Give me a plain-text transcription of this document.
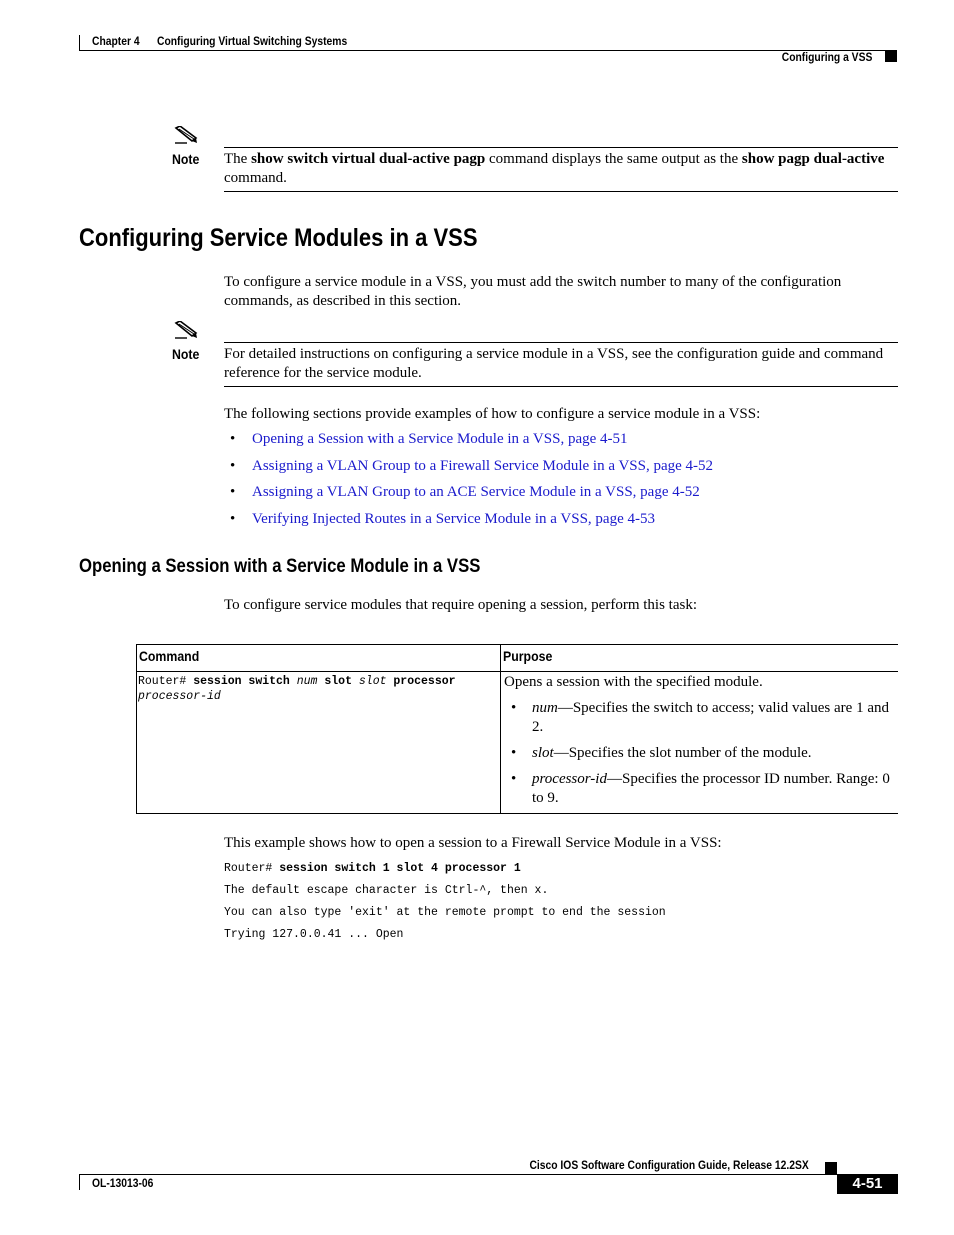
Chapter 4 Configuring Virtual Switching Systems
Configuring a VSS
Note The show switch virtual dual-active pagp command displays the same output as the show pagp dual-active command.
Configuring Service Modules in a VSS
To configure a service module in a VSS, you must add the switch number to many of the configuration commands, as described in this section.
Note For detailed instructions on configuring a service module in a VSS, see the configuration guide and command reference for the service module.
The following sections provide examples of how to configure a service module in a VSS:
• Opening a Session with a Service Module in a VSS, page 4-51
• Assigning a VLAN Group to a Firewall Service Module in a VSS, page 4-52
• Assigning a VLAN Group to an ACE Service Module in a VSS, page 4-52
• Verifying Injected Routes in a Service Module in a VSS, page 4-53
Opening a Session with a Service Module in a VSS
To configure service modules that require opening a session, perform this task:
Command	Purpose
Router# session switch num slot slot processor processor-id
Opens a session with the specified module.
• num—Specifies the switch to access; valid values are 1 and 2.
• slot—Specifies the slot number of the module.
• processor-id—Specifies the processor ID number. Range: 0 to 9.
This example shows how to open a session to a Firewall Service Module in a VSS:
Router# session switch 1 slot 4 processor 1
The default escape character is Ctrl-^, then x.
You can also type 'exit' at the remote prompt to end the session
Trying 127.0.0.41 ... Open
Cisco IOS Software Configuration Guide, Release 12.2SX
OL-13013-06	4-51
